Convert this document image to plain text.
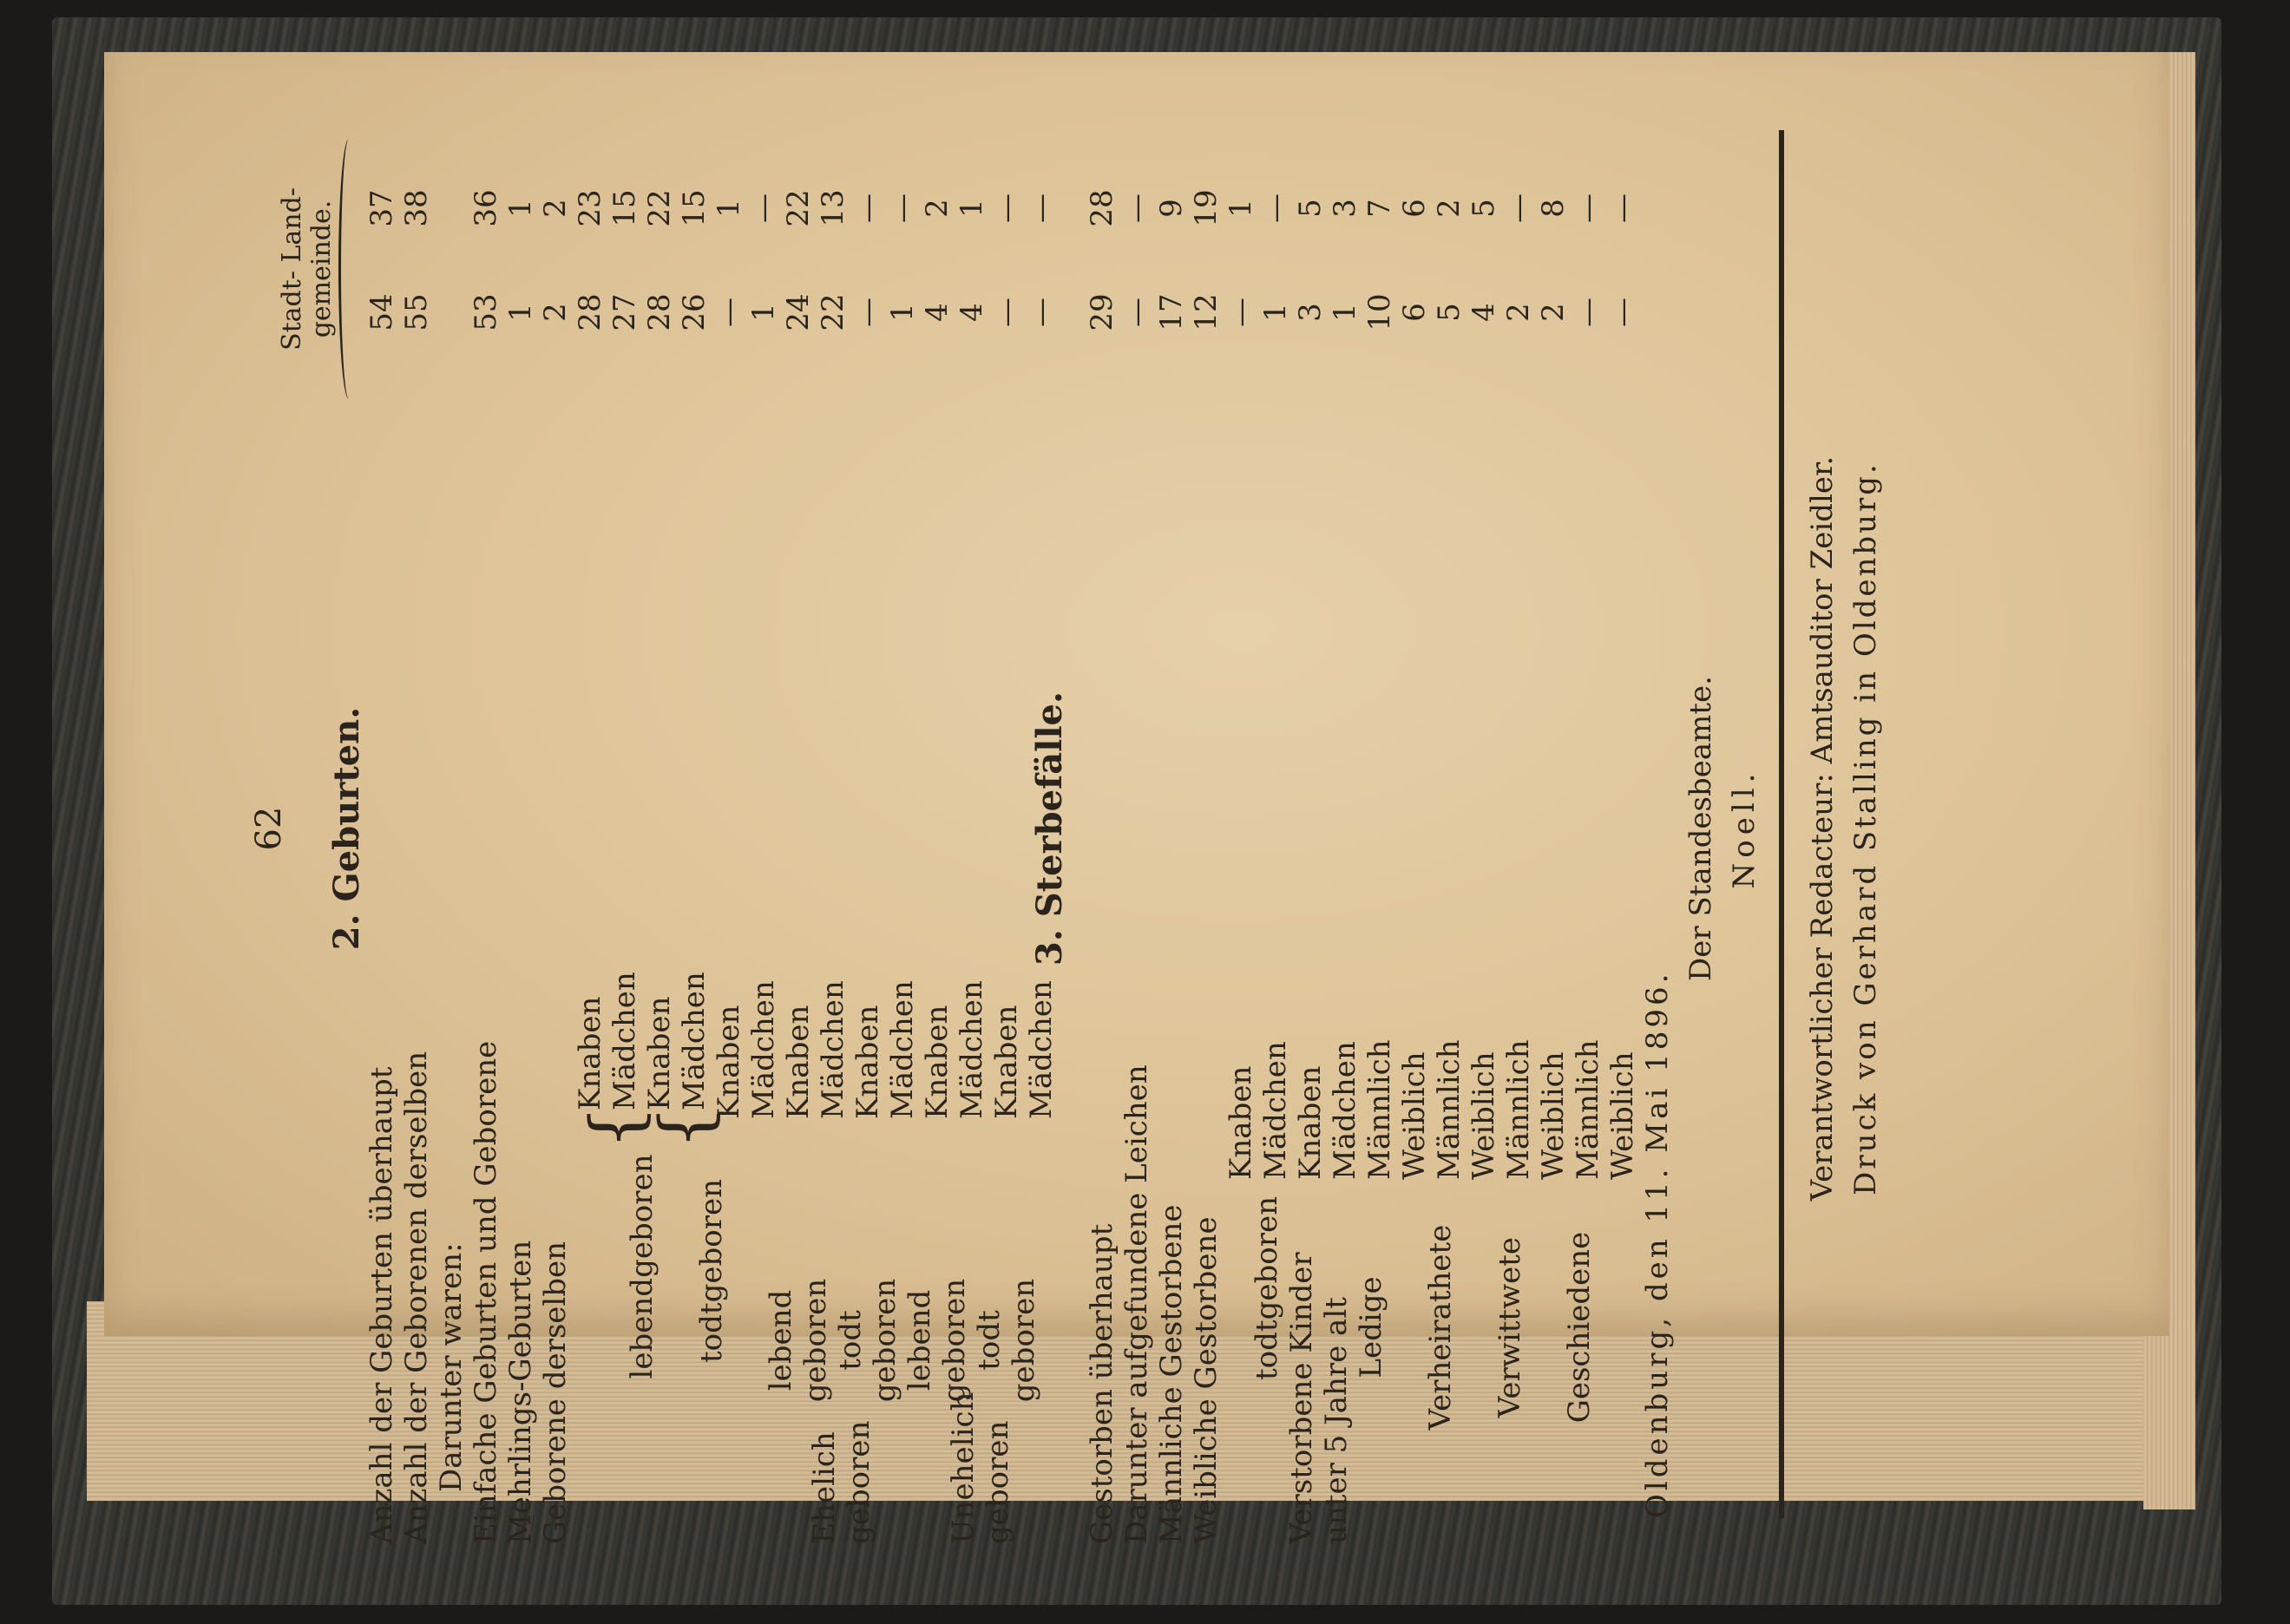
62 2. Geburten.
Stadt- Land-
gemeinde.
Anzahl der Geburten überhaupt
54
37
Anzahl der Geborenen derselben
55
38
Darunter waren: Einfache Geburten und Geborene
53
36
Mehrlings-Geburten
1
1
Geborene derselben
2
2
Knaben
28
23
Mädchen
27
15
Knaben
28
22
Mädchen
26
15
Knaben
—
1
Mädchen
1
—
Knaben
24
22
Mädchen
22
13
Knaben
—
—
Mädchen
1
—
Knaben
4
2
Mädchen
4
1
Knaben
—
—
Mädchen
—
—
lebendgeboren
{
todtgeboren
{
Ehelich geboren Unehelich geboren
lebend geboren todt geboren lebend geboren todt geboren
3. Sterbefälle.
Gestorben überhaupt
29
28
Darunter aufgefundene Leichen
—
—
Männliche Gestorbene
17
9
Weibliche Gestorbene
12
19
Knaben
—
1
Mädchen
1
—
Knaben
3
5
Mädchen
1
3
Männlich
10
7
Weiblich
6
6
Männlich
5
2
Weiblich
4
5
Männlich
2
—
Weiblich
2
8
Männlich
—
—
Weiblich
—
—
todtgeboren Verstorbene Kinder unter 5 Jahre alt Ledige Verheirathete Verwittwete Geschiedene Oldenburg, den 11. Mai 1896.
Der Standesbeamte. Noell. Verantwortlicher Redacteur: Amtsauditor Zeidler. Druck von Gerhard Stalling in Oldenburg.
